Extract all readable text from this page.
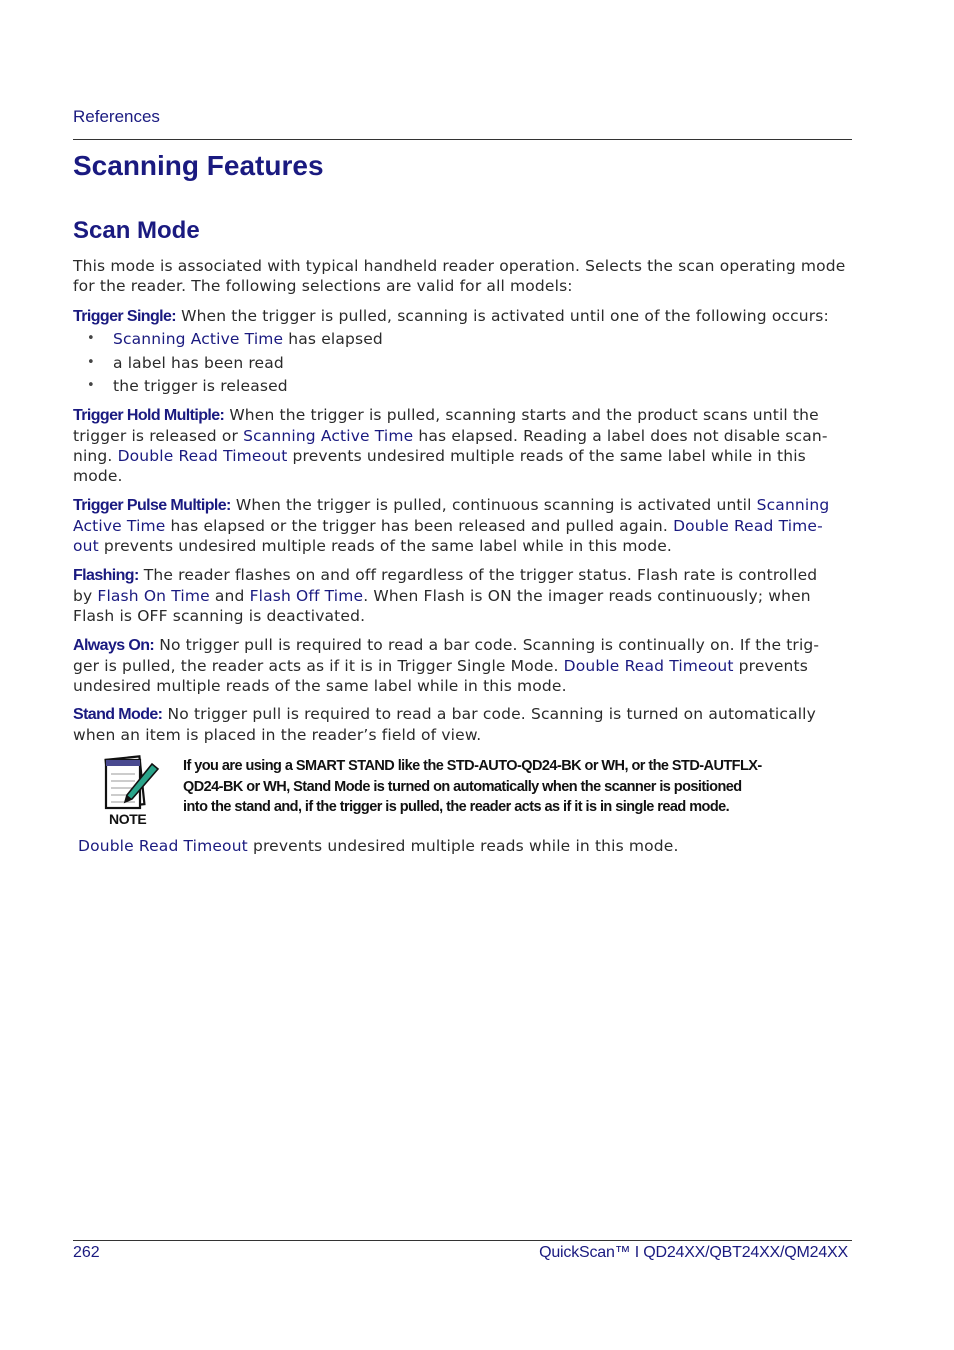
References
Scanning Features
Scan Mode

This mode is associated with typical handheld reader operation. Selects the scan operating mode for the reader. The following selections are valid for all models:

Trigger Single: When the trigger is pulled, scanning is activated until one of the following occurs:

• Scanning Active Time has elapsed
• a label has been read
• the trigger is released

Trigger Hold Multiple: When the trigger is pulled, scanning starts and the product scans until the
trigger is released or Scanning Active Time has elapsed. Reading a label does not disable scan-
ning. Double Read Timeout prevents undesired multiple reads of the same label while in this
mode.

Trigger Pulse Multiple: When the trigger is pulled, continuous scanning is activated until Scanning
Active Time has elapsed or the trigger has been released and pulled again. Double Read Time-
out prevents undesired multiple reads of the same label while in this mode.

Flashing: The reader flashes on and off regardless of the trigger status. Flash rate is controlled
by Flash On Time and Flash Off Time. When Flash is ON the imager reads continuously; when
Flash is OFF scanning is deactivated.

Always On: No trigger pull is required to read a bar code. Scanning is continually on. If the trig-
ger is pulled, the reader acts as if it is in Trigger Single Mode. Double Read Timeout prevents
undesired multiple reads of the same label while in this mode.

Stand Mode: No trigger pull is required to read a bar code. Scanning is turned on automatically
when an item is placed in the reader’s field of view.

NOTE

If you are using a SMART STAND like the STD-AUTO-QD24-BK or WH, or the STD-AUTFLX-
QD24-BK or WH, Stand Mode is turned on automatically when the scanner is positioned
into the stand and, if the trigger is pulled, the reader acts as if it is in single read mode.

Double Read Timeout prevents undesired multiple reads while in this mode.

262	QuickScan™ I QD24XX/QBT24XX/QM24XX
